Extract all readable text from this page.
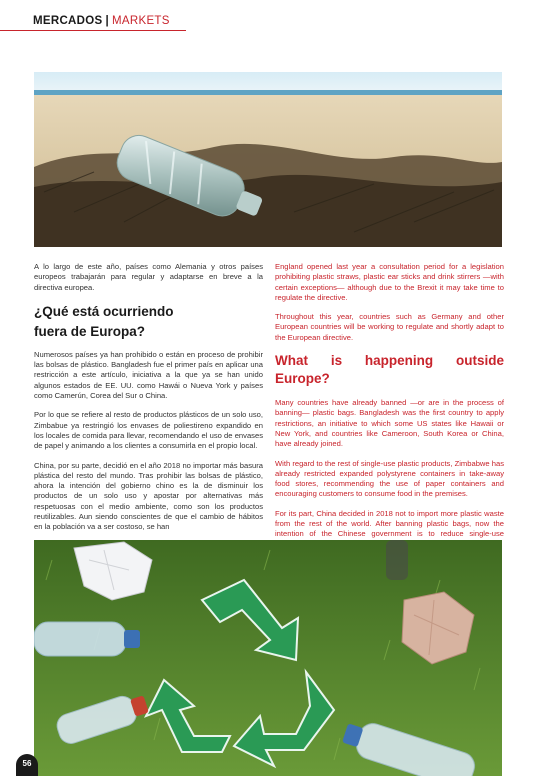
MERCADOS | MARKETS

A lo largo de este año, países como Alemania y otros países europeos trabajarán para regular y adaptarse en breve a la directiva europea.

¿Qué está ocurriendo
fuera de Europa?

Numerosos países ya han prohibido o están en proceso de prohibir las bolsas de plástico. Bangladesh fue el primer país en aplicar una restricción a este artículo, iniciativa a la que ya se han unido algunos estados de EE. UU. como Hawái o Nueva York y países como Camerún, Corea del Sur o China.

Por lo que se refiere al resto de productos plásticos de un solo uso, Zimbabue ya restringió los envases de poliestireno expandido en los locales de comida para llevar, recomendando el uso de envases de papel y animando a los clientes a consumirla en el propio local.

China, por su parte, decidió en el año 2018 no importar más basura plástica del resto del mundo. Tras prohibir las bolsas de plástico, ahora la intención del gobierno chino es la de disminuir los productos de un solo uso y apostar por alternativas más respetuosas con el medio ambiente, como son los productos reutilizables. Aun siendo conscientes de que el cambio de hábitos en la población va a ser costoso, se han

England opened last year a consultation period for a legislation prohibiting plastic straws, plastic ear sticks and drink stirrers —with certain exceptions— although due to the Brexit it may take time to regulate the directive.

Throughout this year, countries such as Germany and other European countries will be working to regulate and shortly adapt to the European directive.

What is happening outside Europe?

Many countries have already banned —or are in the process of banning— plastic bags. Bangladesh was the first country to apply restrictions, an initiative to which some US states like Hawaii or New York, and countries like Cameroon, South Korea or China, have already joined.

With regard to the rest of single-use plastic products, Zimbabwe has already restricted expanded polystyrene containers in take-away food stores, recommending the use of paper containers and encouraging customers to consume food in the premises.

For its part, China decided in 2018 not to import more plastic waste from the rest of the world. After banning plastic bags, now the intention of the Chinese government is to reduce single-use

56
